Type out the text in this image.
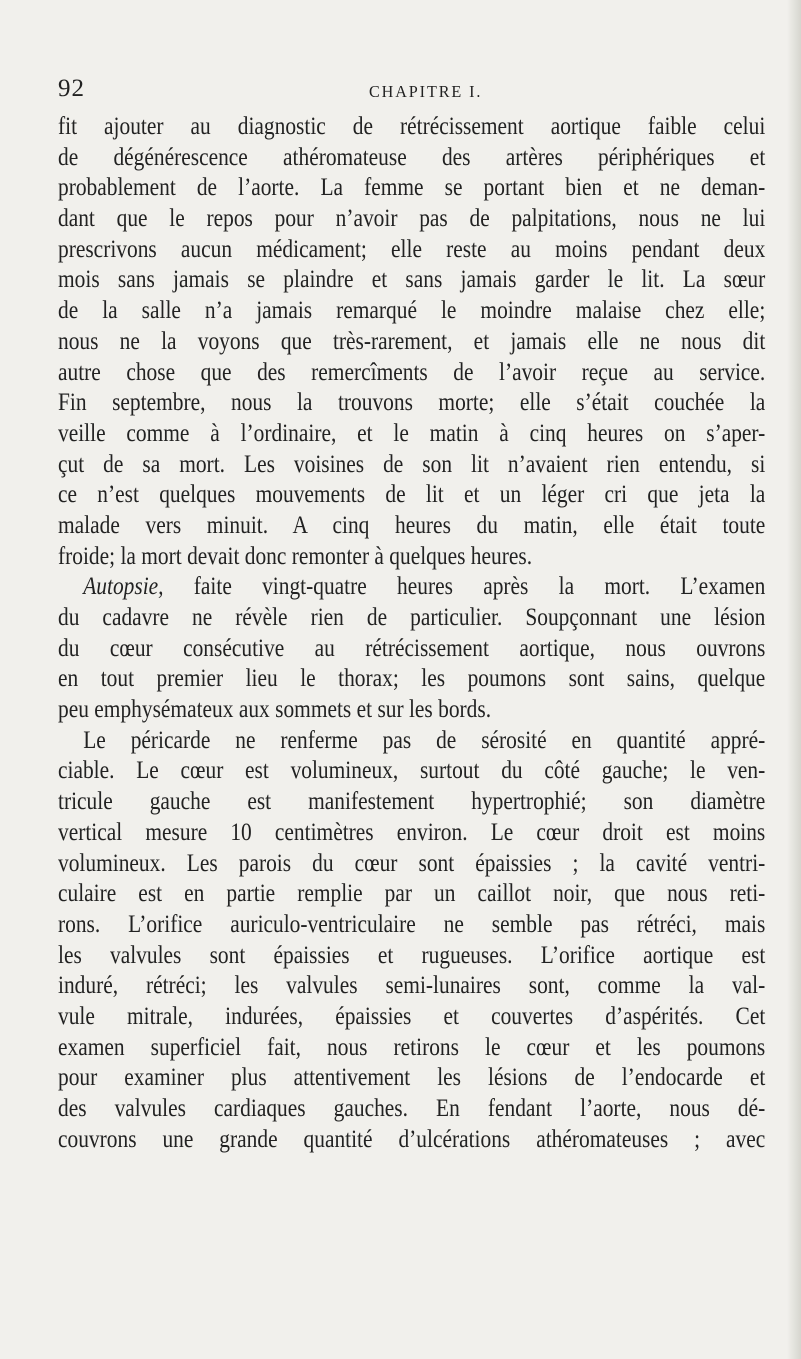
92	CHAPITRE I.
fit ajouter au diagnostic de rétrécissement aortique faible celui
de dégénérescence athéromateuse des artères périphériques et
probablement de l’aorte. La femme se portant bien et ne deman-
dant que le repos pour n’avoir pas de palpitations, nous ne lui
prescrivons aucun médicament; elle reste au moins pendant deux
mois sans jamais se plaindre et sans jamais garder le lit. La sœur
de la salle n’a jamais remarqué le moindre malaise chez elle;
nous ne la voyons que très-rarement, et jamais elle ne nous dit
autre chose que des remercîments de l’avoir reçue au service.
Fin septembre, nous la trouvons morte; elle s’était couchée la
veille comme à l’ordinaire, et le matin à cinq heures on s’aper-
çut de sa mort. Les voisines de son lit n’avaient rien entendu, si
ce n’est quelques mouvements de lit et un léger cri que jeta la
malade vers minuit. A cinq heures du matin, elle était toute
froide; la mort devait donc remonter à quelques heures.
Autopsie, faite vingt-quatre heures après la mort. L’examen
du cadavre ne révèle rien de particulier. Soupçonnant une lésion
du cœur consécutive au rétrécissement aortique, nous ouvrons
en tout premier lieu le thorax; les poumons sont sains, quelque
peu emphysémateux aux sommets et sur les bords.
Le péricarde ne renferme pas de sérosité en quantité appré-
ciable. Le cœur est volumineux, surtout du côté gauche; le ven-
tricule gauche est manifestement hypertrophié; son diamètre
vertical mesure 10 centimètres environ. Le cœur droit est moins
volumineux. Les parois du cœur sont épaissies ; la cavité ventri-
culaire est en partie remplie par un caillot noir, que nous reti-
rons. L’orifice auriculo-ventriculaire ne semble pas rétréci, mais
les valvules sont épaissies et rugueuses. L’orifice aortique est
induré, rétréci; les valvules semi-lunaires sont, comme la val-
vule mitrale, indurées, épaissies et couvertes d’aspérités. Cet
examen superficiel fait, nous retirons le cœur et les poumons
pour examiner plus attentivement les lésions de l’endocarde et
des valvules cardiaques gauches. En fendant l’aorte, nous dé-
couvrons une grande quantité d’ulcérations athéromateuses ; avec
